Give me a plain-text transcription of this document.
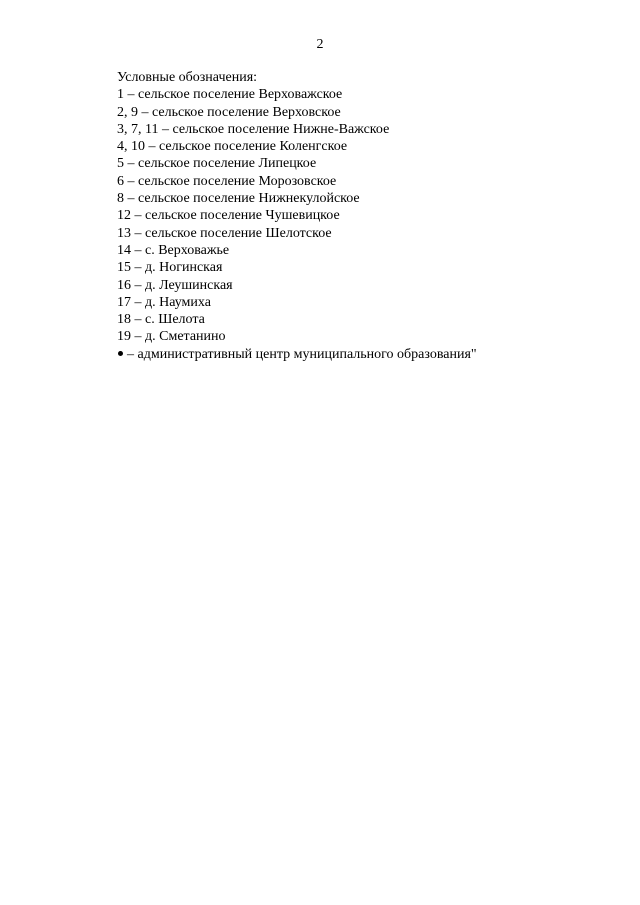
2

Условные обозначения:

1 – сельское поселение Верховажское

2, 9 – сельское поселение Верховское

3, 7, 11 – сельское поселение Нижне-Важское

4, 10 – сельское поселение Коленгское

5 – сельское поселение Липецкое

6 – сельское поселение Морозовское

8 – сельское поселение Нижнекулойское

12 – сельское поселение Чушевицкое

13 – сельское поселение Шелотское

14 – с. Верховажье

15 – д. Ногинская

16 – д. Леушинская

17 – д. Наумиха

18 – с. Шелота

19 – д. Сметанино

– административный центр муниципального образования"
